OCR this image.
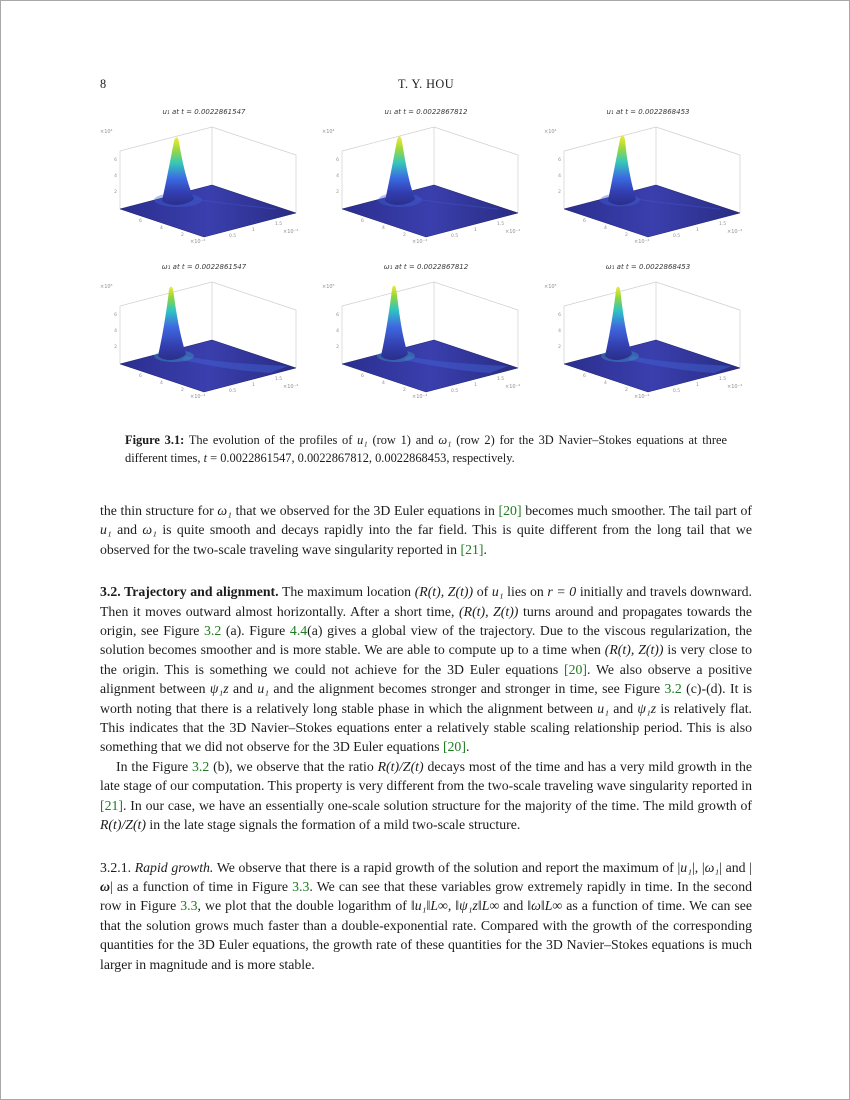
8	T. Y. HOU
u₁ at t = 0.0022861547
×10⁴
6
4
2
6
4
2	0.5
1
1.5
×10⁻⁴
×10⁻⁴
u₁ at t = 0.0022867812
×10⁴
6
4
2
6
4
2	0.5
1
1.5
×10⁻⁴
×10⁻⁴
u₁ at t = 0.0022868453
×10⁴
6
4
2
6
4
2	0.5
1
1.5
×10⁻⁴
×10⁻⁴
ω₁ at t = 0.0022861547
×10⁵
6
4
2
6
4
2	0.5
1
1.5
×10⁻⁴
×10⁻⁴
ω₁ at t = 0.0022867812
×10⁵
6
4
2
6
4
2	0.5
1
1.5
×10⁻⁴
×10⁻⁴
ω₁ at t = 0.0022868453
×10⁵
6
4
2
6
4
2	0.5
1
1.5
×10⁻⁴
×10⁻⁴
Figure 3.1: The evolution of the profiles of u₁ (row 1) and ω₁ (row 2) for the 3D Navier–Stokes equations at three different times, t = 0.0022861547, 0.0022867812, 0.0022868453, respectively.

the thin structure for ω₁ that we observed for the 3D Euler equations in [20] becomes much smoother. The tail part of u₁ and ω₁ is quite smooth and decays rapidly into the far field. This is quite different from the long tail that we observed for the two-scale traveling wave singularity reported in [21].

3.2. Trajectory and alignment. The maximum location (R(t), Z(t)) of u₁ lies on r = 0 initially and travels downward. Then it moves outward almost horizontally. After a short time, (R(t), Z(t)) turns around and propagates towards the origin, see Figure 3.2 (a). Figure 4.4(a) gives a global view of the trajectory. Due to the viscous regularization, the solution becomes smoother and is more stable. We are able to compute up to a time when (R(t), Z(t)) is very close to the origin. This is something we could not achieve for the 3D Euler equations [20]. We also observe a positive alignment between ψ₁z and u₁ and the alignment becomes stronger and stronger in time, see Figure 3.2 (c)-(d). It is worth noting that there is a relatively long stable phase in which the alignment between u₁ and ψ₁z is relatively flat. This indicates that the 3D Navier–Stokes equations enter a relatively stable scaling relationship period. This is also something that we did not observe for the 3D Euler equations [20].

In the Figure 3.2 (b), we observe that the ratio R(t)/Z(t) decays most of the time and has a very mild growth in the late stage of our computation. This property is very different from the two-scale traveling wave singularity reported in [21]. In our case, we have an essentially one-scale solution structure for the majority of the time. The mild growth of R(t)/Z(t) in the late stage signals the formation of a mild two-scale structure.

3.2.1. Rapid growth. We observe that there is a rapid growth of the solution and report the maximum of |u₁|, |ω₁| and |ω| as a function of time in Figure 3.3. We can see that these variables grow extremely rapidly in time. In the second row in Figure 3.3, we plot that the double logarithm of ‖u₁‖L∞, ‖ψ₁z‖L∞ and ‖ω‖L∞ as a function of time. We can see that the solution grows much faster than a double-exponential rate. Compared with the growth of the corresponding quantities for the 3D Euler equations, the growth rate of these quantities for the 3D Navier–Stokes equations is much larger in magnitude and is more stable.
